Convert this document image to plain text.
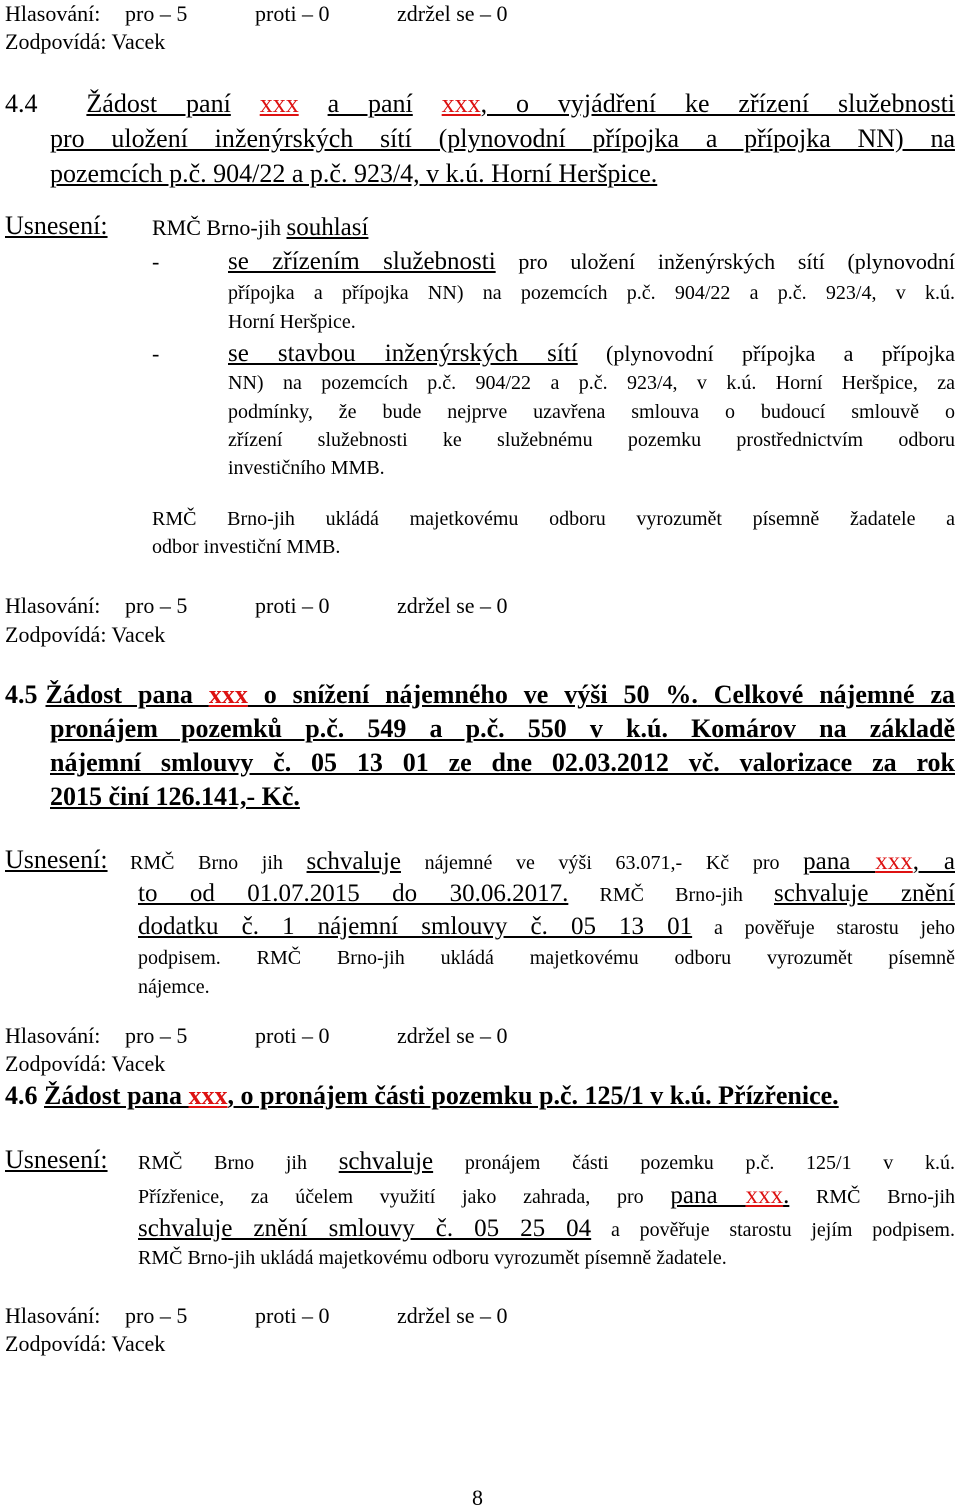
Hlasování: pro – 5	proti – 0	zdržel se – 0
Zodpovídá: Vacek
4.4 Žádost paní xxx a paní xxx, o vyjádření ke zřízení služebnosti
pro uložení inženýrských sítí (plynovodní přípojka a přípojka NN) na
pozemcích p.č. 904/22 a p.č. 923/4, v k.ú. Horní Heršpice.
Usnesení: RMČ Brno-jih souhlasí
-	se zřízením služebnosti pro uložení inženýrských sítí (plynovodní
přípojka a přípojka NN) na pozemcích p.č. 904/22 a p.č. 923/4, v k.ú.
Horní Heršpice.
-	se stavbou inženýrských sítí (plynovodní přípojka a přípojka
NN) na pozemcích p.č. 904/22 a p.č. 923/4, v k.ú. Horní Heršpice, za
podmínky, že bude nejprve uzavřena smlouva o budoucí smlouvě o
zřízení služebnosti ke služebnému pozemku prostřednictvím odboru
investičního MMB.
RMČ Brno-jih ukládá majetkovému odboru vyrozumět písemně žadatele a
odbor investiční MMB.
Hlasování: pro – 5	proti – 0	zdržel se – 0
Zodpovídá: Vacek
4.5 Žádost pana xxx o snížení nájemného ve výši 50 %. Celkové nájemné za
pronájem pozemků p.č. 549 a p.č. 550 v k.ú. Komárov na základě
nájemní smlouvy č. 05 13 01 ze dne 02.03.2012 vč. valorizace za rok
2015 činí 126.141,- Kč.
Usnesení: RMČ Brno jih schvaluje nájemné ve výši 63.071,- Kč pro pana xxx, a
to od 01.07.2015 do 30.06.2017. RMČ Brno-jih schvaluje znění
dodatku č. 1 nájemní smlouvy č. 05 13 01 a pověřuje starostu jeho
podpisem. RMČ Brno-jih ukládá majetkovému odboru vyrozumět písemně
nájemce.
Hlasování: pro – 5	proti – 0	zdržel se – 0
Zodpovídá: Vacek
4.6 Žádost pana xxx, o pronájem části pozemku p.č. 125/1 v k.ú. Přízřenice.
Usnesení: RMČ Brno jih schvaluje pronájem části pozemku p.č. 125/1 v k.ú.
Přízřenice, za účelem využití jako zahrada, pro pana xxx. RMČ Brno-jih
schvaluje znění smlouvy č. 05 25 04 a pověřuje starostu jejím podpisem.
RMČ Brno-jih ukládá majetkovému odboru vyrozumět písemně žadatele.
Hlasování: pro – 5	proti – 0	zdržel se – 0
Zodpovídá: Vacek
8
